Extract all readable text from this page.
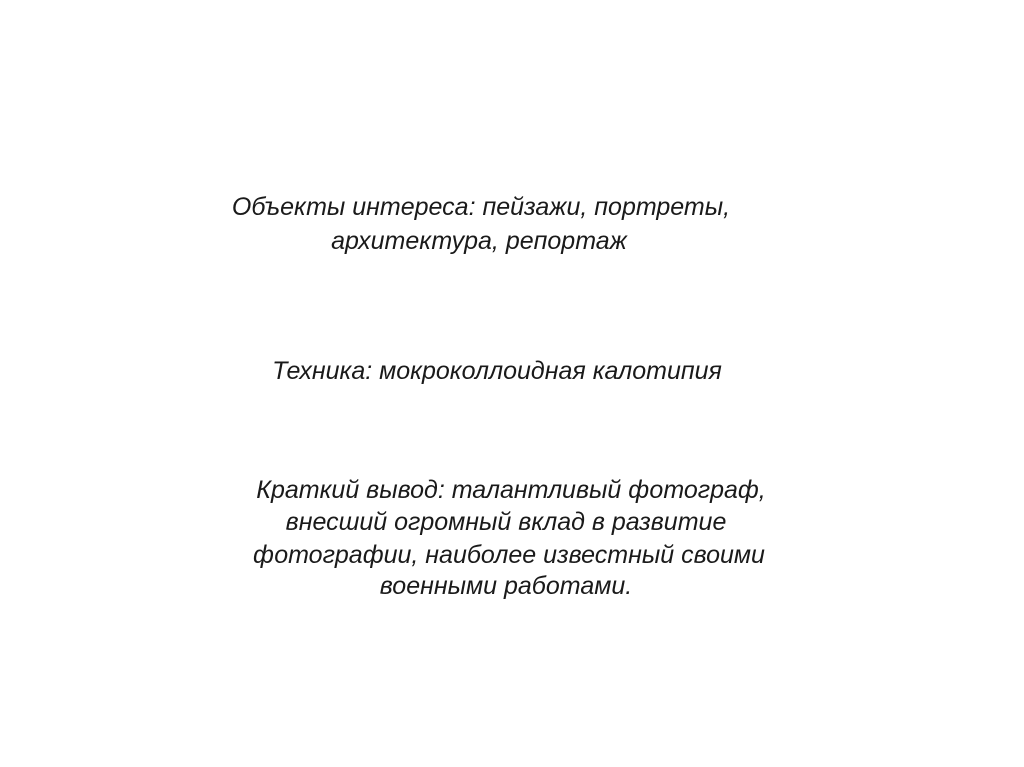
Объекты интереса: пейзажи, портреты,
архитектура, репортаж
Техника: мокроколлоидная калотипия
Краткий вывод: талантливый фотограф,
внесший огромный вклад в развитие
фотографии, наиболее известный своими
военными работами.
